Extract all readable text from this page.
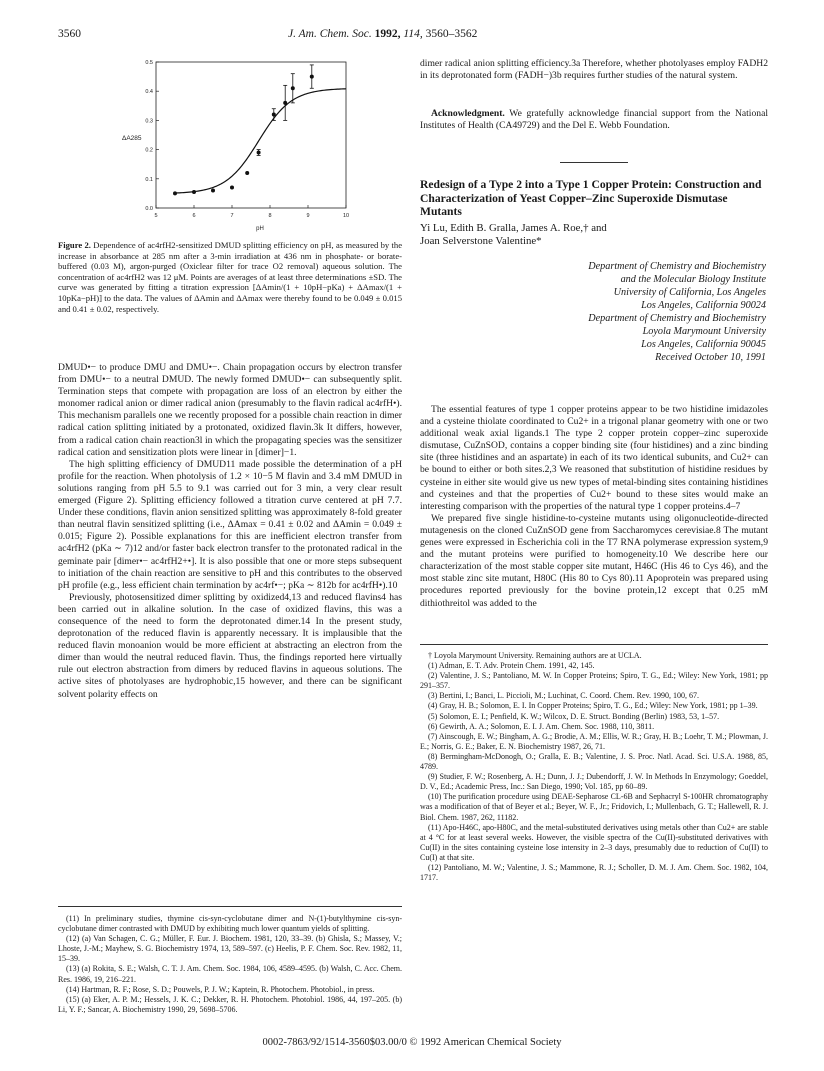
3560	J. Am. Chem. Soc. 1992, 114, 3560–3562
5	6	7	8	9	10
0.0
0.1
0.2
0.3
0.4
0.5
ΔA285
pH
Figure 2. Dependence of ac4rfH2-sensitized DMUD splitting efficiency on pH, as measured by the increase in absorbance at 285 nm after a 3-min irradiation at 436 nm in phosphate- or borate-buffered (0.03 M), argon-purged (Oxiclear filter for trace O2 removal) aqueous solution. The concentration of ac4rfH2 was 12 μM. Points are averages of at least three determinations ±SD. The curve was generated by fitting a titration expression [ΔAmin/(1 + 10pH−pKa) + ΔAmax/(1 + 10pKa−pH)] to the data. The values of ΔAmin and ΔAmax were thereby found to be 0.049 ± 0.015 and 0.41 ± 0.02, respectively.

DMUD•− to produce DMU and DMU•−. Chain propagation occurs by electron transfer from DMU•− to a neutral DMUD. The newly formed DMUD•− can subsequently split. Termination steps that compete with propagation are loss of an electron by either the monomer radical anion or dimer radical anion (presumably to the flavin radical ac4rfH•). This mechanism parallels one we recently proposed for a possible chain reaction in dimer radical cation splitting initiated by a protonated, oxidized flavin.3k It differs, however, from a radical cation chain reaction3l in which the propagating species was the sensitizer radical cation and sensitization plots were linear in [dimer]−1.

The high splitting efficiency of DMUD11 made possible the determination of a pH profile for the reaction. When photolysis of 1.2 × 10−5 M flavin and 3.4 mM DMUD in solutions ranging from pH 5.5 to 9.1 was carried out for 3 min, a very clear result emerged (Figure 2). Splitting efficiency followed a titration curve centered at pH 7.7. Under these conditions, flavin anion sensitized splitting was approximately 8-fold greater than neutral flavin sensitized splitting (i.e., ΔAmax = 0.41 ± 0.02 and ΔAmin = 0.049 ± 0.015; Figure 2). Possible explanations for this are inefficient electron transfer from ac4rfH2 (pKa ∼ 7)12 and/or faster back electron transfer to the protonated radical in the geminate pair [dimer•− ac4rfH2+•]. It is also possible that one or more steps subsequent to initiation of the chain reaction are sensitive to pH and this contributes to the observed pH profile (e.g., less efficient chain termination by ac4rf•−; pKa ∼ 812b for ac4rfH•).10

Previously, photosensitized dimer splitting by oxidized4,13 and reduced flavins4 has been carried out in alkaline solution. In the case of oxidized flavins, this was a consequence of the need to form the deprotonated dimer.14 In the present study, deprotonation of the reduced flavin is apparently necessary. It is implausible that the reduced flavin monoanion would be more efficient at abstracting an electron from the dimer than would the neutral reduced flavin. Thus, the findings reported here virtually rule out electron abstraction from dimers by reduced flavins in aqueous solutions. The active sites of photolyases are hydrophobic,15 however, and there can be significant solvent polarity effects on

(11) In preliminary studies, thymine cis-syn-cyclobutane dimer and N-(1)-butylthymine cis-syn-cyclobutane dimer contrasted with DMUD by exhibiting much lower quantum yields of splitting.

(12) (a) Van Schagen, C. G.; Müller, F. Eur. J. Biochem. 1981, 120, 33–39. (b) Ghisla, S.; Massey, V.; Lhoste, J.-M.; Mayhew, S. G. Biochemistry 1974, 13, 589–597. (c) Heelis, P. F. Chem. Soc. Rev. 1982, 11, 15–39.

(13) (a) Rokita, S. E.; Walsh, C. T. J. Am. Chem. Soc. 1984, 106, 4589–4595. (b) Walsh, C. Acc. Chem. Res. 1986, 19, 216–221.

(14) Hartman, R. F.; Rose, S. D.; Pouwels, P. J. W.; Kaptein, R. Photochem. Photobiol., in press.

(15) (a) Eker, A. P. M.; Hessels, J. K. C.; Dekker, R. H. Photochem. Photobiol. 1986, 44, 197–205. (b) Li, Y. F.; Sancar, A. Biochemistry 1990, 29, 5698–5706.

dimer radical anion splitting efficiency.3a Therefore, whether photolyases employ FADH2 in its deprotonated form (FADH−)3b requires further studies of the natural system.

Acknowledgment. We gratefully acknowledge financial support from the National Institutes of Health (CA49729) and the Del E. Webb Foundation.

Redesign of a Type 2 into a Type 1 Copper Protein: Construction and Characterization of Yeast Copper–Zinc Superoxide Dismutase Mutants
Yi Lu, Edith B. Gralla, James A. Roe,† and
Joan Selverstone Valentine*
Department of Chemistry and Biochemistry
and the Molecular Biology Institute
University of California, Los Angeles
Los Angeles, California 90024
Department of Chemistry and Biochemistry
Loyola Marymount University
Los Angeles, California 90045
Received October 10, 1991

The essential features of type 1 copper proteins appear to be two histidine imidazoles and a cysteine thiolate coordinated to Cu2+ in a trigonal planar geometry with one or two additional weak axial ligands.1 The type 2 copper protein copper–zinc superoxide dismutase, CuZnSOD, contains a copper binding site (four histidines) and a zinc binding site (three histidines and an aspartate) in each of its two identical subunits, and Cu2+ can be bound to either or both sites.2,3 We reasoned that substitution of histidine residues by cysteine in either site would give us new types of metal-binding sites containing histidines and cysteines and that the properties of Cu2+ bound to these sites would make an interesting comparison with the properties of the natural type 1 copper proteins.4–7

We prepared five single histidine-to-cysteine mutants using oligonucleotide-directed mutagenesis on the cloned CuZnSOD gene from Saccharomyces cerevisiae.8 The mutant genes were expressed in Escherichia coli in the T7 RNA polymerase expression system,9 and the mutant proteins were purified to homogeneity.10 We describe here our characterization of the most stable copper site mutant, H46C (His 46 to Cys 46), and the most stable zinc site mutant, H80C (His 80 to Cys 80).11 Apoprotein was prepared using procedures reported previously for the bovine protein,12 except that 0.25 mM dithiothreitol was added to the

† Loyola Marymount University. Remaining authors are at UCLA.

(1) Adman, E. T. Adv. Protein Chem. 1991, 42, 145.

(2) Valentine, J. S.; Pantoliano, M. W. In Copper Proteins; Spiro, T. G., Ed.; Wiley: New York, 1981; pp 291–357.

(3) Bertini, I.; Banci, L. Piccioli, M.; Luchinat, C. Coord. Chem. Rev. 1990, 100, 67.

(4) Gray, H. B.; Solomon, E. I. In Copper Proteins; Spiro, T. G., Ed.; Wiley: New York, 1981; pp 1–39.

(5) Solomon, E. I.; Penfield, K. W.; Wilcox, D. E. Struct. Bonding (Berlin) 1983, 53, 1–57.

(6) Gewirth, A. A.; Solomon, E. I. J. Am. Chem. Soc. 1988, 110, 3811.

(7) Ainscough, E. W.; Bingham, A. G.; Brodie, A. M.; Ellis, W. R.; Gray, H. B.; Loehr, T. M.; Plowman, J. E.; Norris, G. E.; Baker, E. N. Biochemistry 1987, 26, 71.

(8) Bermingham-McDonogh, O.; Gralla, E. B.; Valentine, J. S. Proc. Natl. Acad. Sci. U.S.A. 1988, 85, 4789.

(9) Studier, F. W.; Rosenberg, A. H.; Dunn, J. J.; Dubendorff, J. W. In Methods In Enzymology; Goeddel, D. V., Ed.; Academic Press, Inc.: San Diego, 1990; Vol. 185, pp 60–89.

(10) The purification procedure using DEAE-Sepharose CL-6B and Sephacryl S-100HR chromatography was a modification of that of Beyer et al.; Beyer, W. F., Jr.; Fridovich, I.; Mullenbach, G. T.; Hallewell, R. J. Biol. Chem. 1987, 262, 11182.

(11) Apo-H46C, apo-H80C, and the metal-substituted derivatives using metals other than Cu2+ are stable at 4 °C for at least several weeks. However, the visible spectra of the Cu(II)-substituted derivatives with Cu(II) in the sites containing cysteine lose intensity in 2–3 days, presumably due to reduction of Cu(II) to Cu(I) at that site.

(12) Pantoliano, M. W.; Valentine, J. S.; Mammone, R. J.; Scholler, D. M. J. Am. Chem. Soc. 1982, 104, 1717.

0002-7863/92/1514-3560$03.00/0 © 1992 American Chemical Society
